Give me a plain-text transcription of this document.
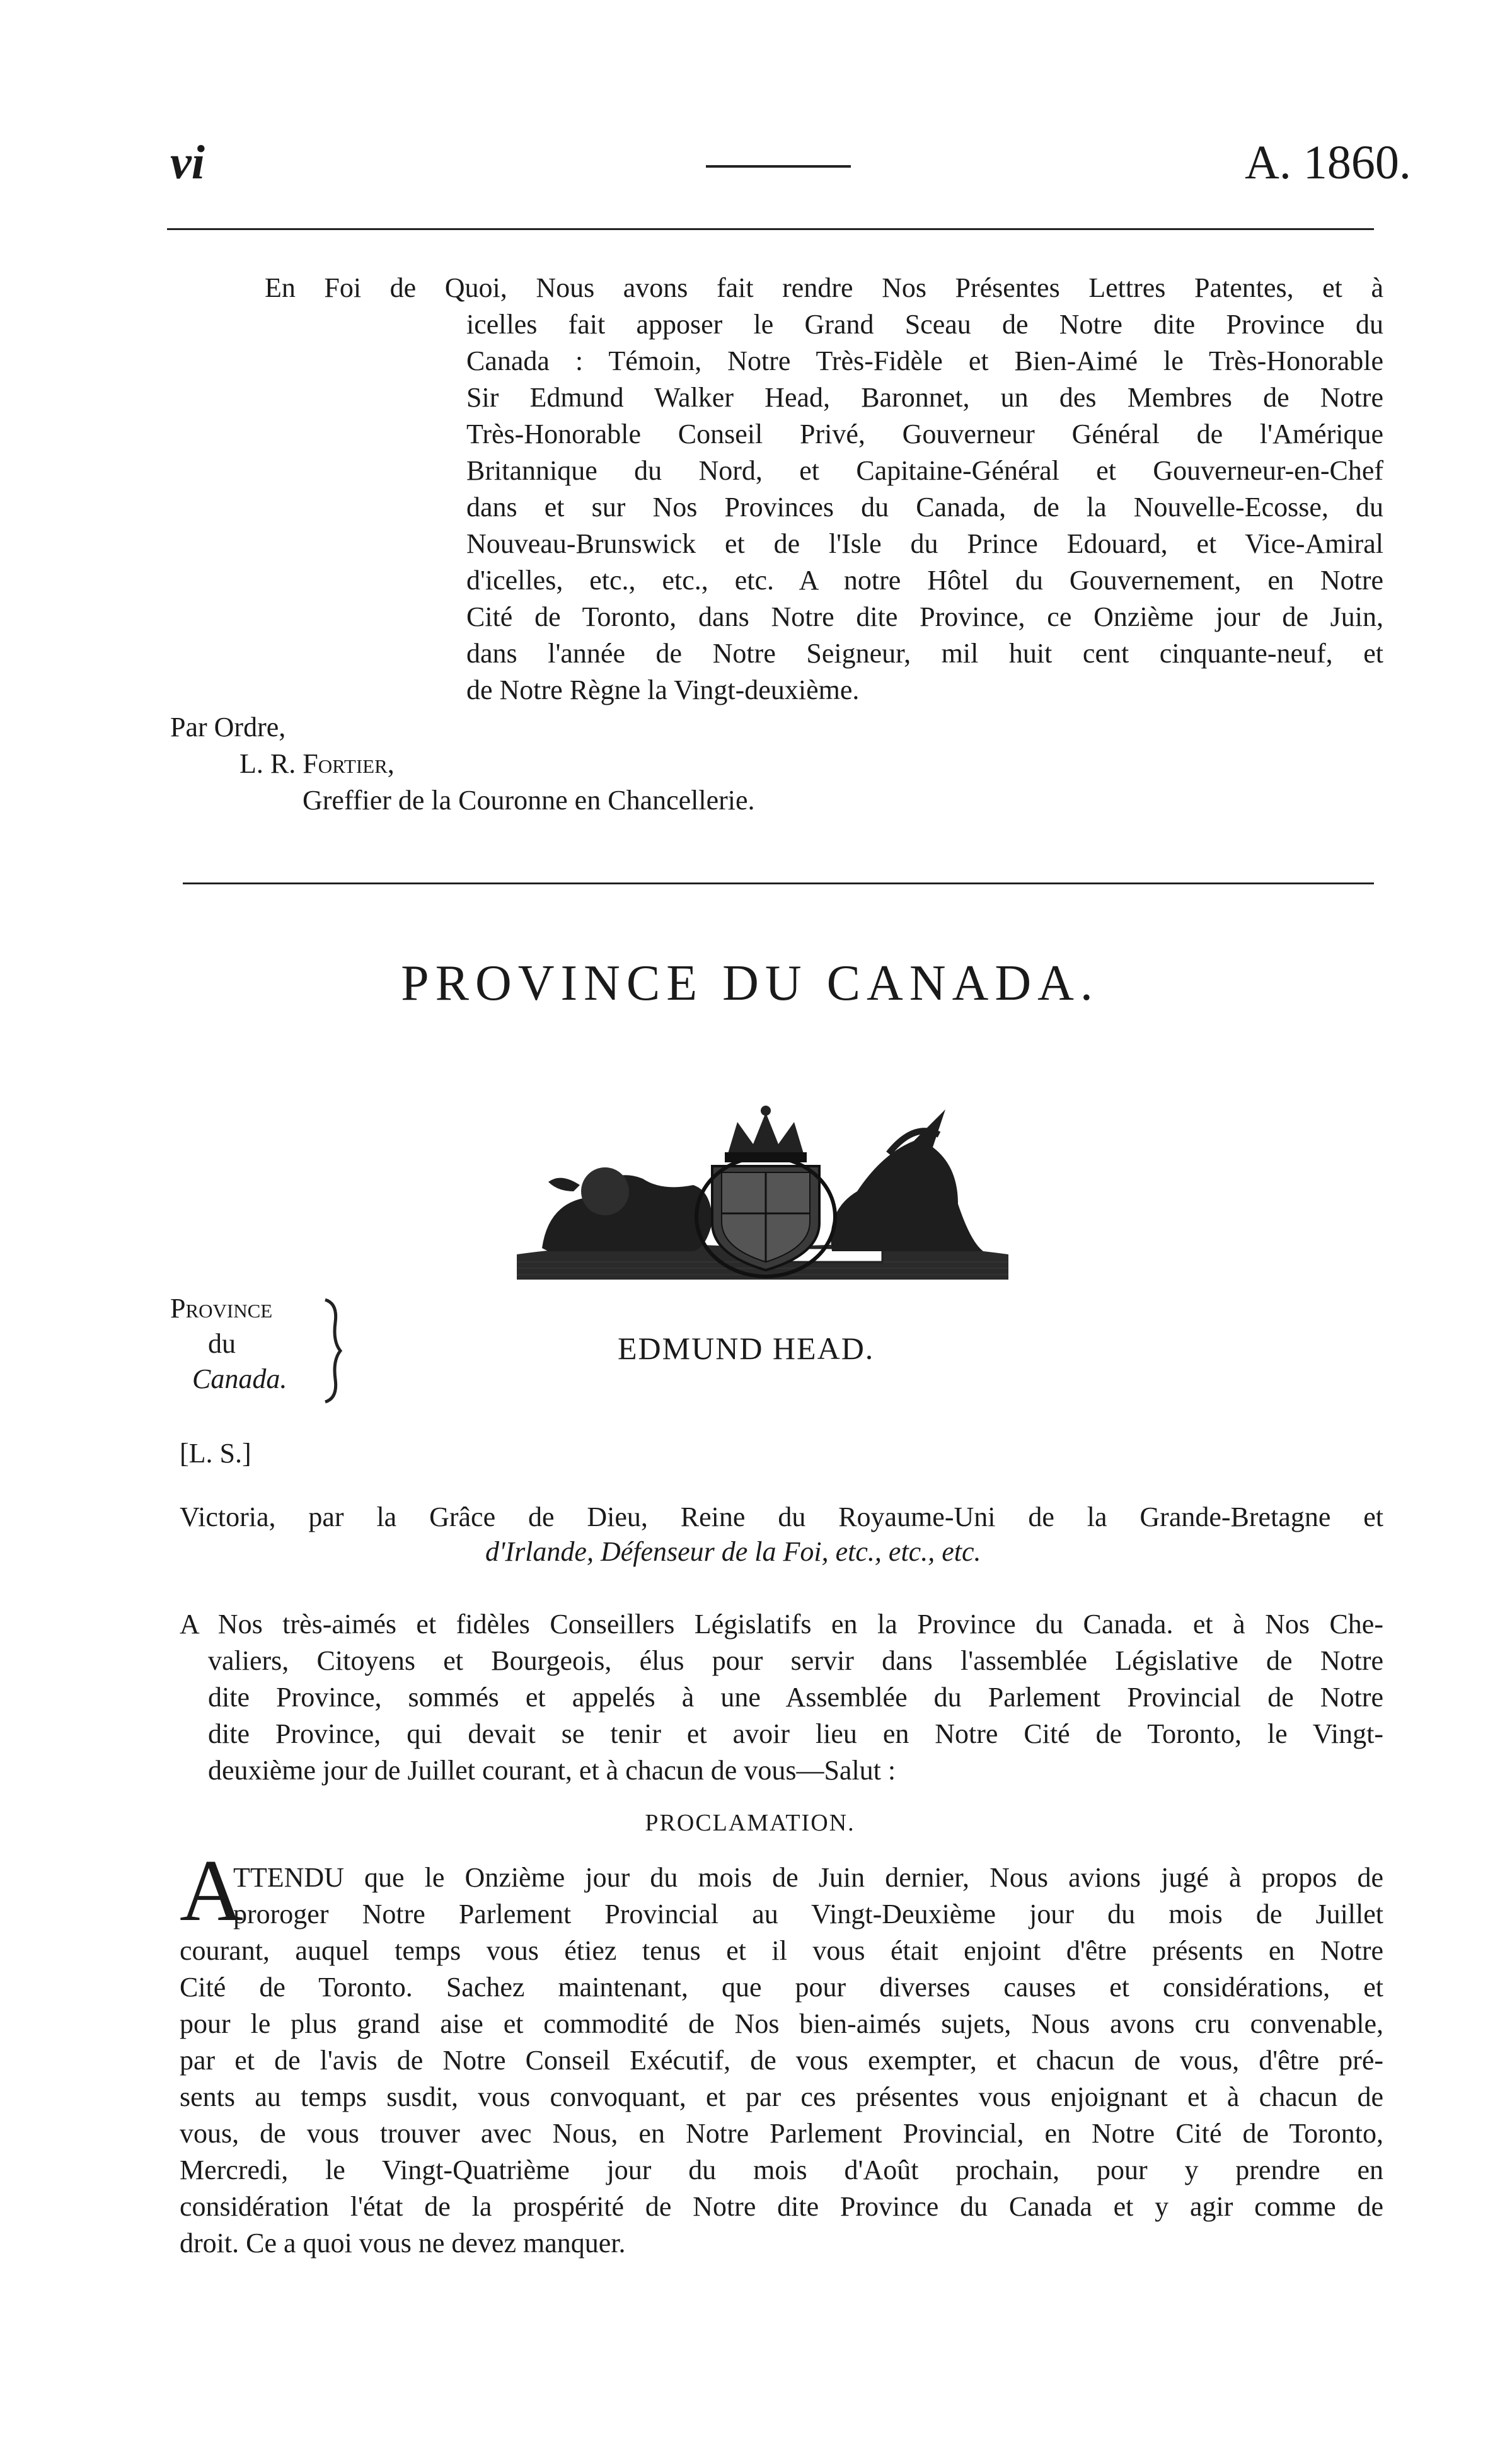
vi	A. 1860.
En Foi de Quoi, Nous avons fait rendre Nos Présentes Lettres Patentes, et à
icelles fait apposer le Grand Sceau de Notre dite Province du
Canada : Témoin, Notre Très-Fidèle et Bien-Aimé le Très-Honorable
Sir Edmund Walker Head, Baronnet, un des Membres de Notre
Très-Honorable Conseil Privé, Gouverneur Général de l'Amérique
Britannique du Nord, et Capitaine-Général et Gouverneur-en-Chef
dans et sur Nos Provinces du Canada, de la Nouvelle-Ecosse, du
Nouveau-Brunswick et de l'Isle du Prince Edouard, et Vice-Amiral
d'icelles, etc., etc., etc. A notre Hôtel du Gouvernement, en Notre
Cité de Toronto, dans Notre dite Province, ce Onzième jour de Juin,
dans l'année de Notre Seigneur, mil huit cent cinquante-neuf, et
de Notre Règne la Vingt-deuxième.
Par Ordre,
L. R. Fortier,
Greffier de la Couronne en Chancellerie.
PROVINCE DU CANADA.
Province
du
Canada.
EDMUND HEAD.
[L. S.]
Victoria, par la Grâce de Dieu, Reine du Royaume-Uni de la Grande-Bretagne et
d'Irlande, Défenseur de la Foi, etc., etc., etc.
A Nos très-aimés et fidèles Conseillers Législatifs en la Province du Canada. et à Nos Che-
valiers, Citoyens et Bourgeois, élus pour servir dans l'assemblée Législative de Notre
dite Province, sommés et appelés à une Assemblée du Parlement Provincial de Notre
dite Province, qui devait se tenir et avoir lieu en Notre Cité de Toronto, le Vingt-
deuxième jour de Juillet courant, et à chacun de vous—Salut :
PROCLAMATION.
A
TTENDU que le Onzième jour du mois de Juin dernier, Nous avions jugé à propos de
proroger Notre Parlement Provincial au Vingt-Deuxième jour du mois de Juillet
courant, auquel temps vous étiez tenus et il vous était enjoint d'être présents en Notre
Cité de Toronto. Sachez maintenant, que pour diverses causes et considérations, et
pour le plus grand aise et commodité de Nos bien-aimés sujets, Nous avons cru convenable,
par et de l'avis de Notre Conseil Exécutif, de vous exempter, et chacun de vous, d'être pré-
sents au temps susdit, vous convoquant, et par ces présentes vous enjoignant et à chacun de
vous, de vous trouver avec Nous, en Notre Parlement Provincial, en Notre Cité de Toronto,
Mercredi, le Vingt-Quatrième jour du mois d'Août prochain, pour y prendre en
considération l'état de la prospérité de Notre dite Province du Canada et y agir comme de
droit. Ce a quoi vous ne devez manquer.
